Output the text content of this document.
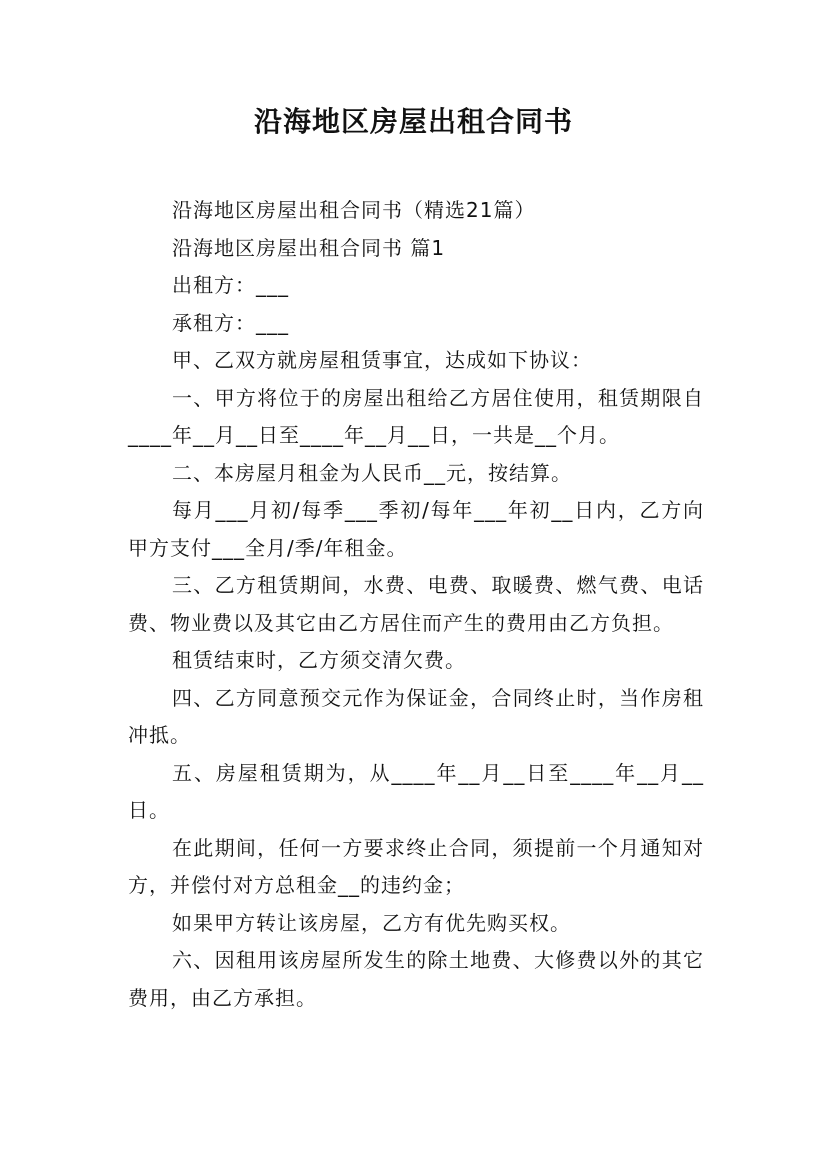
沿海地区房屋出租合同书

沿海地区房屋出租合同书（精选21篇）

沿海地区房屋出租合同书 篇1

出租方：___

承租方：___

甲、乙双方就房屋租赁事宜，达成如下协议：

一、甲方将位于的房屋出租给乙方居住使用，租赁期限自____年__月__日至____年__月__日，一共是__个月。

二、本房屋月租金为人民币__元，按结算。

每月___月初/每季___季初/每年___年初__日内，乙方向甲方支付___全月/季/年租金。

三、乙方租赁期间，水费、电费、取暖费、燃气费、电话费、物业费以及其它由乙方居住而产生的费用由乙方负担。

租赁结束时，乙方须交清欠费。

四、乙方同意预交元作为保证金，合同终止时，当作房租冲抵。

五、房屋租赁期为，从____年__月__日至____年__月__日。

在此期间，任何一方要求终止合同，须提前一个月通知对方，并偿付对方总租金__的违约金；

如果甲方转让该房屋，乙方有优先购买权。

六、因租用该房屋所发生的除土地费、大修费以外的其它费用，由乙方承担。
